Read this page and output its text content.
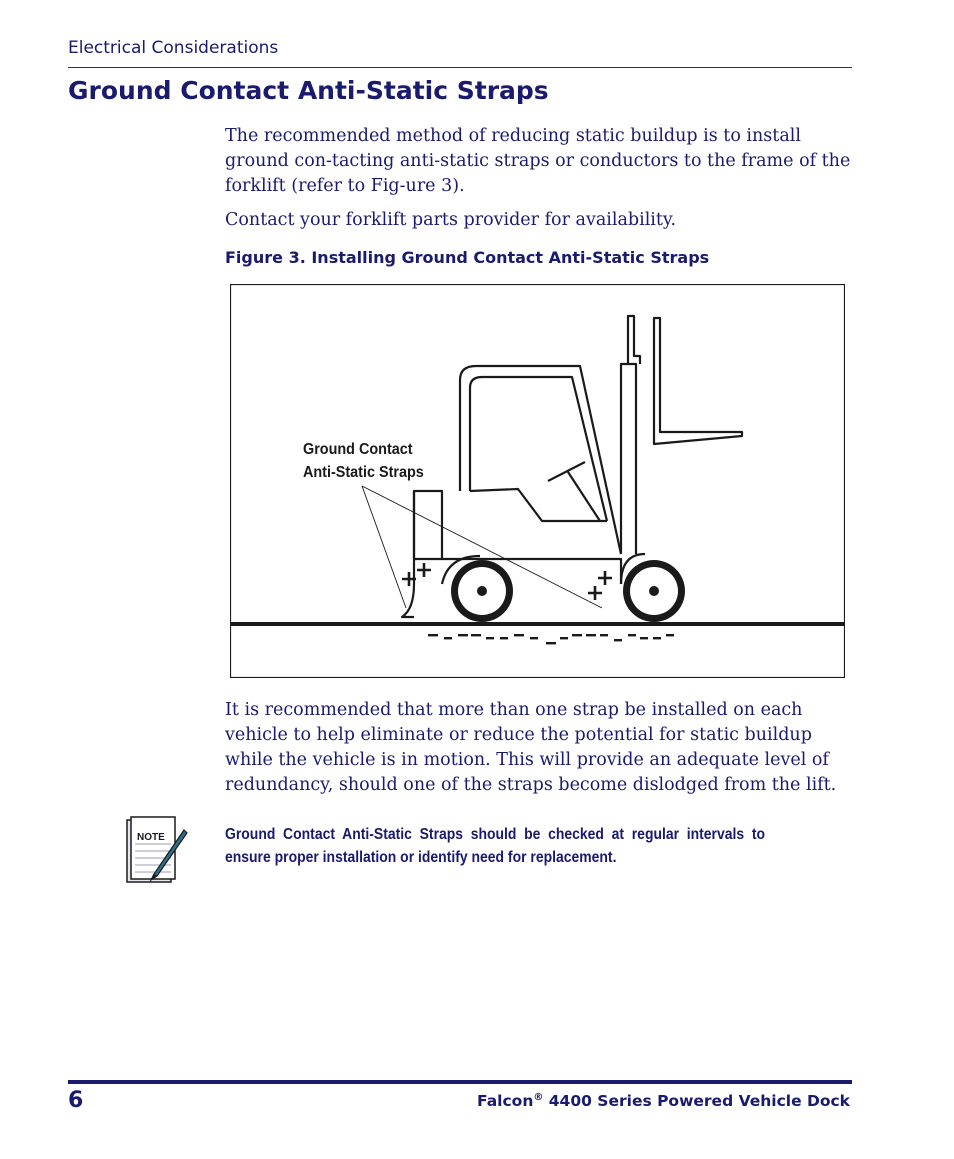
Electrical Considerations
Ground Contact Anti-Static Straps

The recommended method of reducing static buildup is to install ground con-tacting anti-static straps or conductors to the frame of the forklift (refer to Fig-ure 3).

Contact your forklift parts provider for availability.

Figure 3. Installing Ground Contact Anti-Static Straps
Ground Contact
Anti-Static Straps

It is recommended that more than one strap be installed on each vehicle to help eliminate or reduce the potential for static buildup while the vehicle is in motion. This will provide an adequate level of redundancy, should one of the straps become dislodged from the lift.

NOTE	Ground Contact Anti-Static Straps should be checked at regular intervals to ensure proper installation or identify need for replacement.

6	Falcon® 4400 Series Powered Vehicle Dock
